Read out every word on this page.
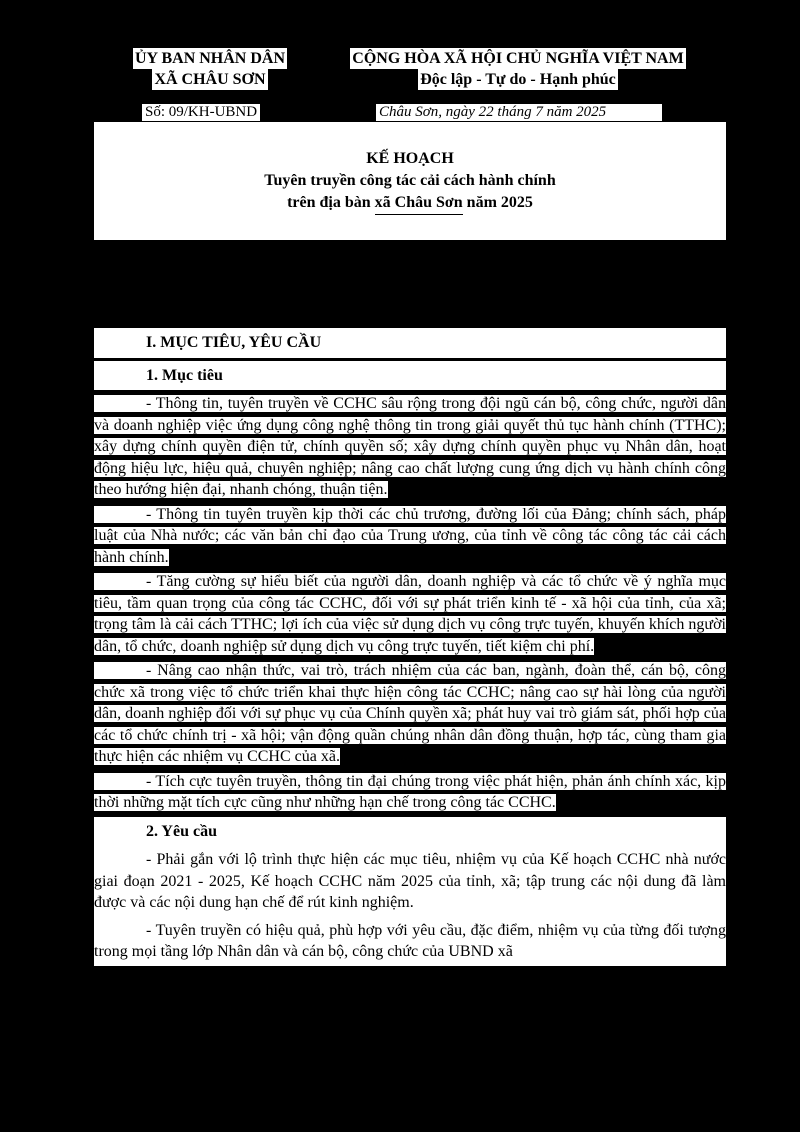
ỦY BAN NHÂN DÂN
XÃ CHÂU SƠN
CỘNG HÒA XÃ HỘI CHỦ NGHĨA VIỆT NAM
Độc lập - Tự do - Hạnh phúc
Số: 09/KH-UBND	Châu Sơn, ngày 22 tháng 7 năm 2025
KẾ HOẠCH
Tuyên truyền công tác cải cách hành chính
trên địa bàn xã Châu Sơn năm 2025
I. MỤC TIÊU, YÊU CẦU
1. Mục tiêu
- Thông tin, tuyên truyền về CCHC sâu rộng trong đội ngũ cán bộ, công chức, người dân và doanh nghiệp việc ứng dụng công nghệ thông tin trong giải quyết thủ tục hành chính (TTHC); xây dựng chính quyền điện tử, chính quyền số; xây dựng chính quyền phục vụ Nhân dân, hoạt động hiệu lực, hiệu quả, chuyên nghiệp; nâng cao chất lượng cung ứng dịch vụ hành chính công theo hướng hiện đại, nhanh chóng, thuận tiện.
- Thông tin tuyên truyền kịp thời các chủ trương, đường lối của Đảng; chính sách, pháp luật của Nhà nước; các văn bản chỉ đạo của Trung ương, của tỉnh về công tác công tác cải cách hành chính.
- Tăng cường sự hiểu biết của người dân, doanh nghiệp và các tổ chức về ý nghĩa mục tiêu, tầm quan trọng của công tác CCHC, đối với sự phát triển kinh tế - xã hội của tỉnh, của xã; trọng tâm là cải cách TTHC; lợi ích của việc sử dụng dịch vụ công trực tuyến, khuyến khích người dân, tổ chức, doanh nghiệp sử dụng dịch vụ công trực tuyến, tiết kiệm chi phí.
- Nâng cao nhận thức, vai trò, trách nhiệm của các ban, ngành, đoàn thể, cán bộ, công chức xã trong việc tổ chức triển khai thực hiện công tác CCHC; nâng cao sự hài lòng của người dân, doanh nghiệp đối với sự phục vụ của Chính quyền xã; phát huy vai trò giám sát, phối hợp của các tổ chức chính trị - xã hội; vận động quần chúng nhân dân đồng thuận, hợp tác, cùng tham gia thực hiện các nhiệm vụ CCHC của xã.
- Tích cực tuyên truyền, thông tin đại chúng trong việc phát hiện, phản ánh chính xác, kịp thời những mặt tích cực cũng như những hạn chế trong công tác CCHC.
2. Yêu cầu
- Phải gắn với lộ trình thực hiện các mục tiêu, nhiệm vụ của Kế hoạch CCHC nhà nước giai đoạn 2021 - 2025, Kế hoạch CCHC năm 2025 của tỉnh, xã; tập trung các nội dung đã làm được và các nội dung hạn chế để rút kinh nghiệm.
- Tuyên truyền có hiệu quả, phù hợp với yêu cầu, đặc điểm, nhiệm vụ của từng đối tượng trong mọi tầng lớp Nhân dân và cán bộ, công chức của UBND xã
